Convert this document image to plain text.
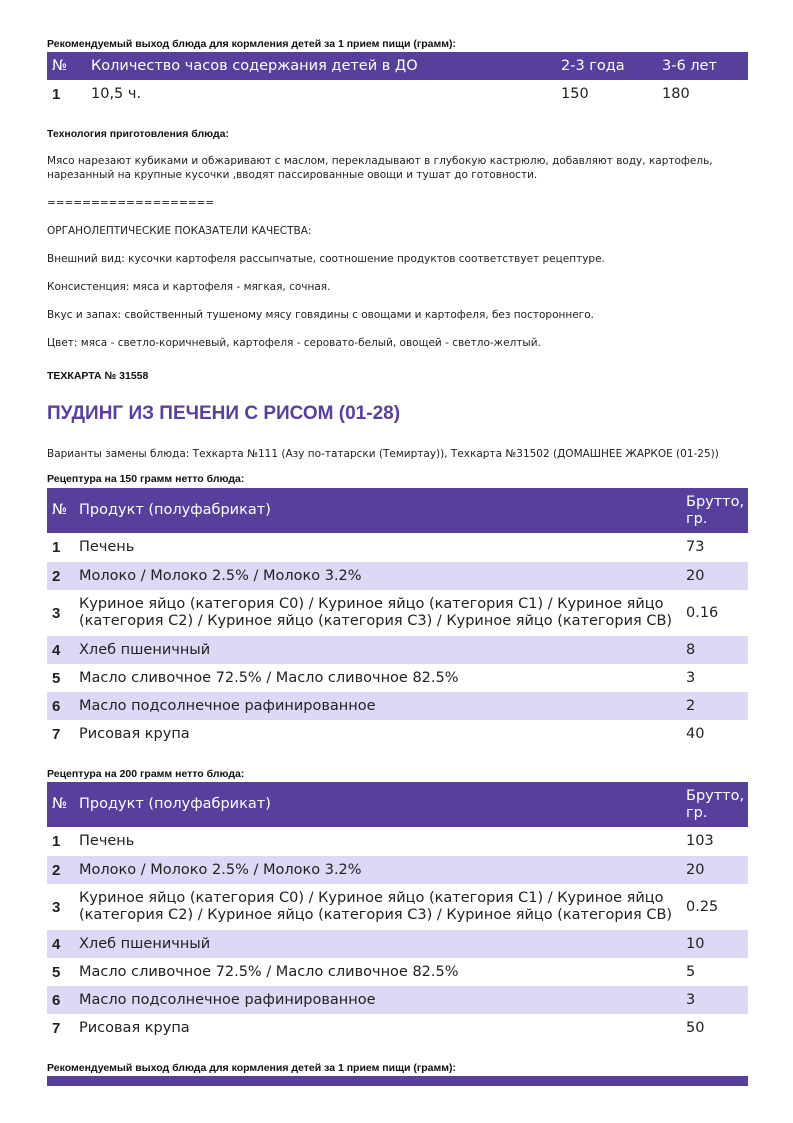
Рекомендуемый выход блюда для кормления детей за 1 прием пищи (грамм):

№	Количество часов содержания детей в ДО	2-3 года	3-6 лет
1	10,5 ч.	150	180

Технология приготовления блюда:

Мясо нарезают кубиками и обжаривают с маслом, перекладывают в глубокую кастрюлю, добавляют воду, картофель, нарезанный на крупные кусочки ,вводят пассированные овощи и тушат до готовности.

===================

ОРГАНОЛЕПТИЧЕСКИЕ ПОКАЗАТЕЛИ КАЧЕСТВА:

Внешний вид: кусочки картофеля рассыпчатые, соотношение продуктов соответствует рецептуре.

Консистенция: мяса и картофеля - мягкая, сочная.

Вкус и запах: свойственный тушеному мясу говядины с овощами и картофеля, без постороннего.

Цвет: мяса - светло-коричневый, картофеля - серовато-белый, овощей - светло-желтый.

ТЕХКАРТА № 31558

ПУДИНГ ИЗ ПЕЧЕНИ С РИСОМ (01-28)

Варианты замены блюда: Техкарта №111 (Азу по-татарски (Темиртау)), Техкарта №31502 (ДОМАШНЕЕ ЖАРКОЕ (01-25))

Рецептура на 150 грамм нетто блюда:

№	Продукт (полуфабрикат)	Брутто, гр.
1	Печень	73
2	Молоко / Молоко 2.5% / Молоко 3.2%	20
3	Куриное яйцо (категория С0) / Куриное яйцо (категория С1) / Куриное яйцо (категория С2) / Куриное яйцо (категория С3) / Куриное яйцо (категория СВ)	0.16
4	Хлеб пшеничный	8
5	Масло сливочное 72.5% / Масло сливочное 82.5%	3
6	Масло подсолнечное рафинированное	2
7	Рисовая крупа	40

Рецептура на 200 грамм нетто блюда:

№	Продукт (полуфабрикат)	Брутто, гр.
1	Печень	103
2	Молоко / Молоко 2.5% / Молоко 3.2%	20
3	Куриное яйцо (категория С0) / Куриное яйцо (категория С1) / Куриное яйцо (категория С2) / Куриное яйцо (категория С3) / Куриное яйцо (категория СВ)	0.25
4	Хлеб пшеничный	10
5	Масло сливочное 72.5% / Масло сливочное 82.5%	5
6	Масло подсолнечное рафинированное	3
7	Рисовая крупа	50

Рекомендуемый выход блюда для кормления детей за 1 прием пищи (грамм):
